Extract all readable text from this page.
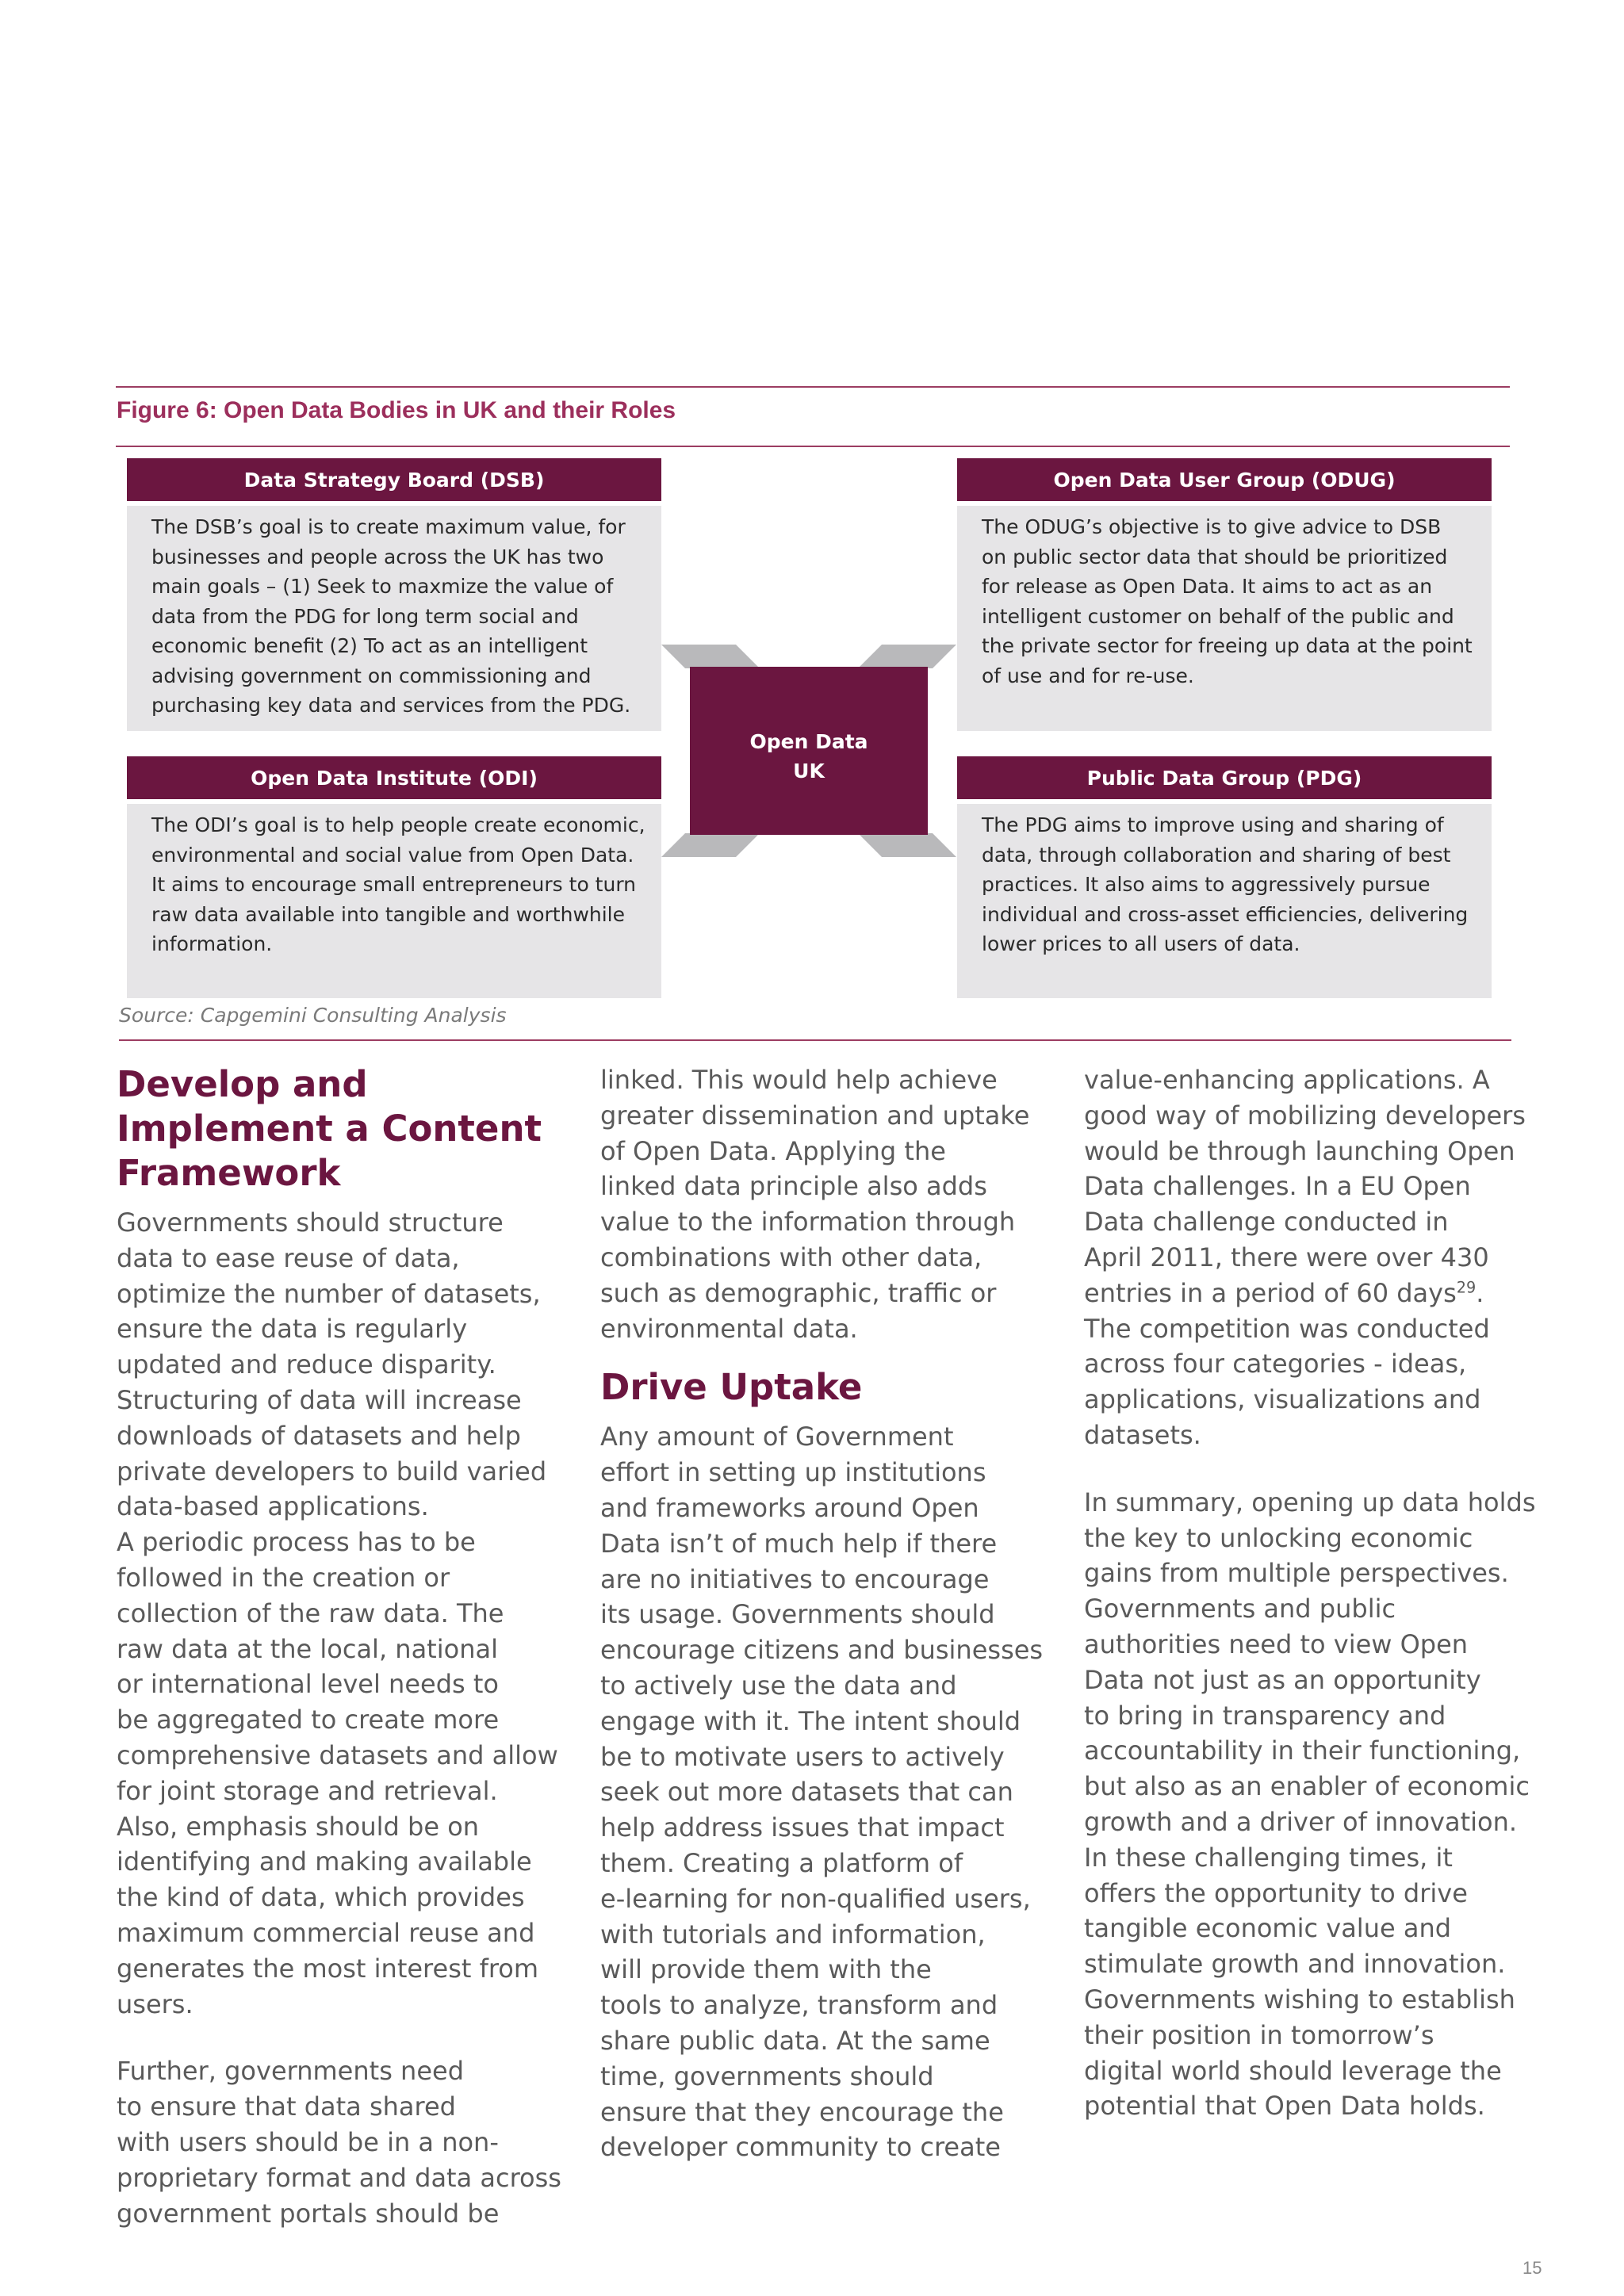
Figure 6: Open Data Bodies in UK and their Roles
Open Data
UK
Data Strategy Board (DSB)
The DSB’s goal is to create maximum value, for
businesses and people across the UK has two
main goals – (1) Seek to maxmize the value of
data from the PDG for long term social and
economic benefit (2) To act as an intelligent
advising government on commissioning and
purchasing key data and services from the PDG.
Open Data User Group (ODUG)
The ODUG’s objective is to give advice to DSB
on public sector data that should be prioritized
for release as Open Data. It aims to act as an
intelligent customer on behalf of the public and
the private sector for freeing up data at the point
of use and for re-use.
Open Data Institute (ODI)
The ODI’s goal is to help people create economic,
environmental and social value from Open Data.
It aims to encourage small entrepreneurs to turn
raw data available into tangible and worthwhile
information.
Public Data Group (PDG)
The PDG aims to improve using and sharing of
data, through collaboration and sharing of best
practices. It also aims to aggressively pursue
individual and cross-asset efficiencies, delivering
lower prices to all users of data.
Source: Capgemini Consulting Analysis
Develop and Implement a Content Framework

Governments should structure
data to ease reuse of data,
optimize the number of datasets,
ensure the data is regularly
updated and reduce disparity.
Structuring of data will increase
downloads of datasets and help
private developers to build varied
data-based applications.
A periodic process has to be
followed in the creation or
collection of the raw data. The
raw data at the local, national
or international level needs to
be aggregated to create more
comprehensive datasets and allow
for joint storage and retrieval.
Also, emphasis should be on
identifying and making available
the kind of data, which provides
maximum commercial reuse and
generates the most interest from
users.

Further, governments need
to ensure that data shared
with users should be in a non-
proprietary format and data across
government portals should be

linked. This would help achieve
greater dissemination and uptake
of Open Data. Applying the
linked data principle also adds
value to the information through
combinations with other data,
such as demographic, traffic or
environmental data.

Drive Uptake

Any amount of Government
effort in setting up institutions
and frameworks around Open
Data isn’t of much help if there
are no initiatives to encourage
its usage. Governments should
encourage citizens and businesses
to actively use the data and
engage with it. The intent should
be to motivate users to actively
seek out more datasets that can
help address issues that impact
them. Creating a platform of
e-learning for non-qualified users,
with tutorials and information,
will provide them with the
tools to analyze, transform and
share public data. At the same
time, governments should
ensure that they encourage the
developer community to create

value-enhancing applications. A
good way of mobilizing developers
would be through launching Open
Data challenges. In a EU Open
Data challenge conducted in
April 2011, there were over 430
entries in a period of 60 days$^{29}$.
The competition was conducted
across four categories - ideas,
applications, visualizations and
datasets.

In summary, opening up data holds
the key to unlocking economic
gains from multiple perspectives.
Governments and public
authorities need to view Open
Data not just as an opportunity
to bring in transparency and
accountability in their functioning,
but also as an enabler of economic
growth and a driver of innovation.
In these challenging times, it
offers the opportunity to drive
tangible economic value and
stimulate growth and innovation.
Governments wishing to establish
their position in tomorrow’s
digital world should leverage the
potential that Open Data holds.

15
